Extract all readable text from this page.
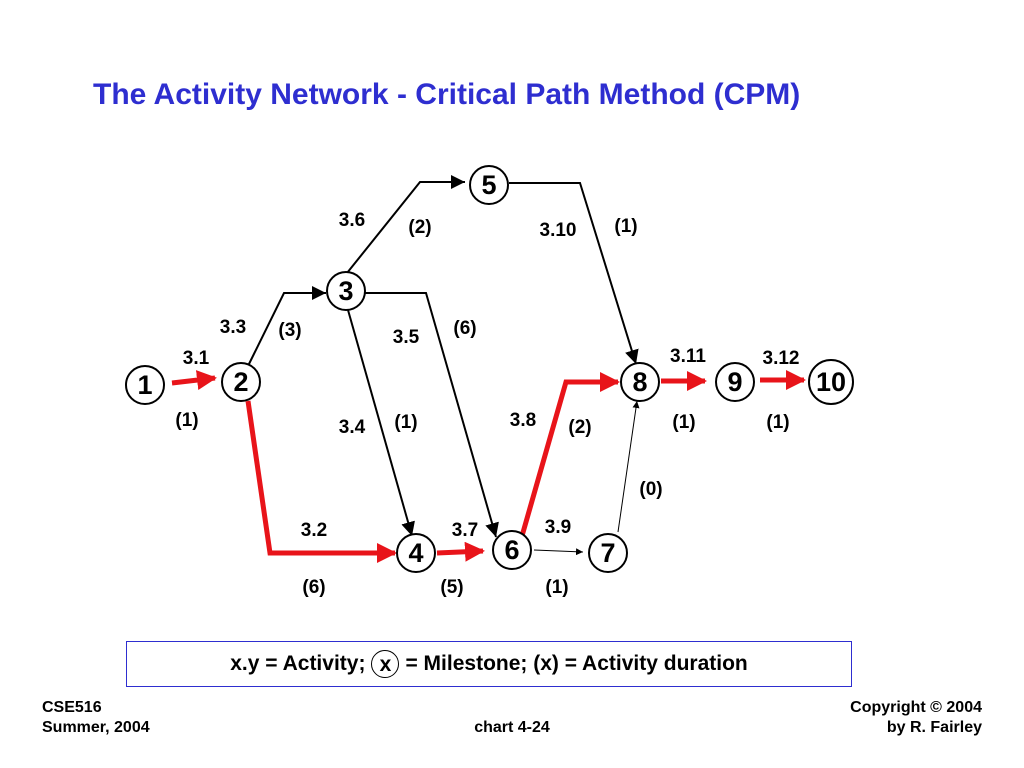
The Activity Network - Critical Path Method (CPM)
1	2
3
4
5
6	7
8	9	10
3.1
3.2
3.3
3.4
3.5
3.6
3.7
3.8
3.9
3.10
3.11	3.12
(1)
(6)
(3)
(1)
(6)
(2)
(5)
(2)
(1)
(1)
(1)	(1)
(0)
x.y = Activity; x = Milestone; (x) = Activity duration
CSE516
Summer, 2004	chart 4-24
Copyright © 2004
by R. Fairley
